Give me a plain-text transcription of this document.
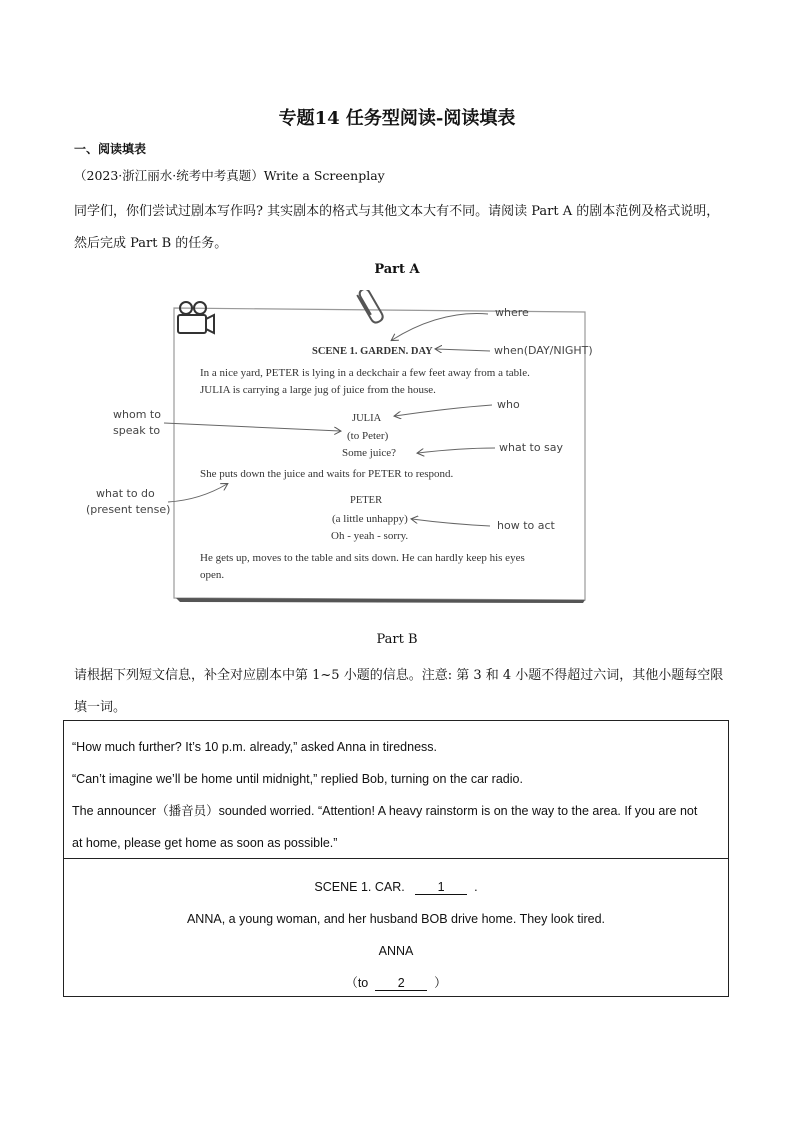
专题14 任务型阅读-阅读填表
一、阅读填表
（2023·浙江丽水·统考中考真题）Write a Screenplay
同学们，你们尝试过剧本写作吗? 其实剧本的格式与其他文本大有不同。请阅读 Part A 的剧本范例及格式说明，然后完成 Part B 的任务。
Part A
SCENE 1. GARDEN. DAY
In a nice yard, PETER is lying in a deckchair a few feet away from a table.
JULIA is carrying a large jug of juice from the house.
JULIA
(to Peter)
Some juice?
She puts down the juice and waits for PETER to respond.
PETER
(a little unhappy)
Oh - yeah - sorry.
He gets up, moves to the table and sits down. He can hardly keep his eyes
open.
where
when(DAY/NIGHT)
who
whom to
speak to
what to say
what to do
(present tense)
how to act
Part B
请根据下列短文信息，补全对应剧本中第 1~5 小题的信息。注意: 第 3 和 4 小题不得超过六词，其他小题每空限填一词。

“How much further? It’s 10 p.m. already,” asked Anna in tiredness.

“Can’t imagine we’ll be home until midnight,” replied Bob, turning on the car radio.

The announcer（播音员）sounded worried. “Attention! A heavy rainstorm is on the way to the area. If you are not

at home, please get home as soon as possible.”

SCENE 1. CAR.	1 .

ANNA, a young woman, and her husband BOB drive home. They look tired.

ANNA

（to 2 ）
